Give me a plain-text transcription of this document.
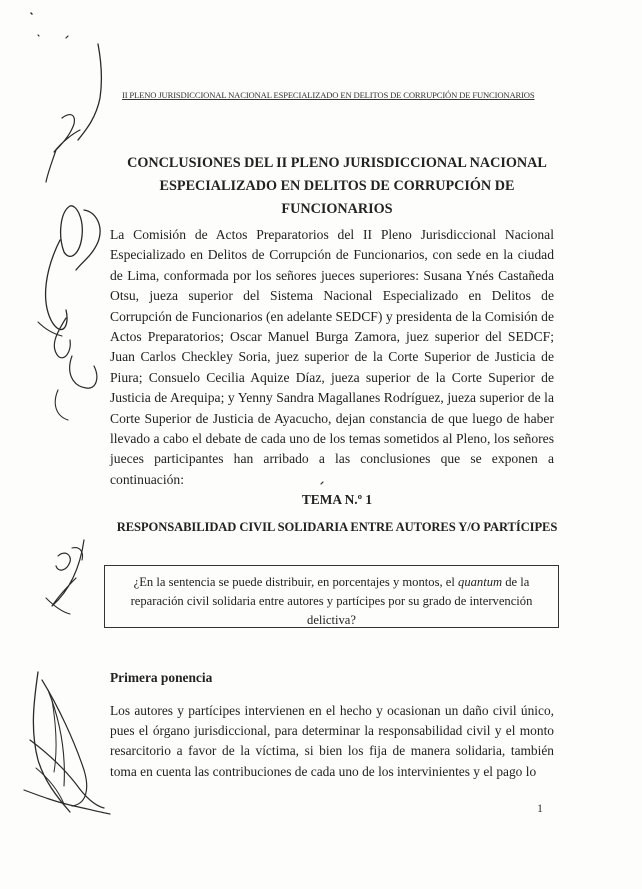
II PLENO JURISDICCIONAL NACIONAL ESPECIALIZADO EN DELITOS DE CORRUPCIÓN DE FUNCIONARIOS
CONCLUSIONES DEL II PLENO JURISDICCIONAL NACIONAL ESPECIALIZADO EN DELITOS DE CORRUPCIÓN DE FUNCIONARIOS
La Comisión de Actos Preparatorios del II Pleno Jurisdiccional Nacional Especializado en Delitos de Corrupción de Funcionarios, con sede en la ciudad de Lima, conformada por los señores jueces superiores: Susana Ynés Castañeda Otsu, jueza superior del Sistema Nacional Especializado en Delitos de Corrupción de Funcionarios (en adelante SEDCF) y presidenta de la Comisión de Actos Preparatorios; Oscar Manuel Burga Zamora, juez superior del SEDCF; Juan Carlos Checkley Soria, juez superior de la Corte Superior de Justicia de Piura; Consuelo Cecilia Aquize Díaz, jueza superior de la Corte Superior de Justicia de Arequipa; y Yenny Sandra Magallanes Rodríguez, jueza superior de la Corte Superior de Justicia de Ayacucho, dejan constancia de que luego de haber llevado a cabo el debate de cada uno de los temas sometidos al Pleno, los señores jueces participantes han arribado a las conclusiones que se exponen a continuación:
TEMA N.º 1
RESPONSABILIDAD CIVIL SOLIDARIA ENTRE AUTORES Y/O PARTÍCIPES
¿En la sentencia se puede distribuir, en porcentajes y montos, el quantum de la reparación civil solidaria entre autores y partícipes por su grado de intervención delictiva?
Primera ponencia
Los autores y partícipes intervienen en el hecho y ocasionan un daño civil único, pues el órgano jurisdiccional, para determinar la responsabilidad civil y el monto resarcitorio a favor de la víctima, si bien los fija de manera solidaria, también toma en cuenta las contribuciones de cada uno de los intervinientes y el pago lo
1
